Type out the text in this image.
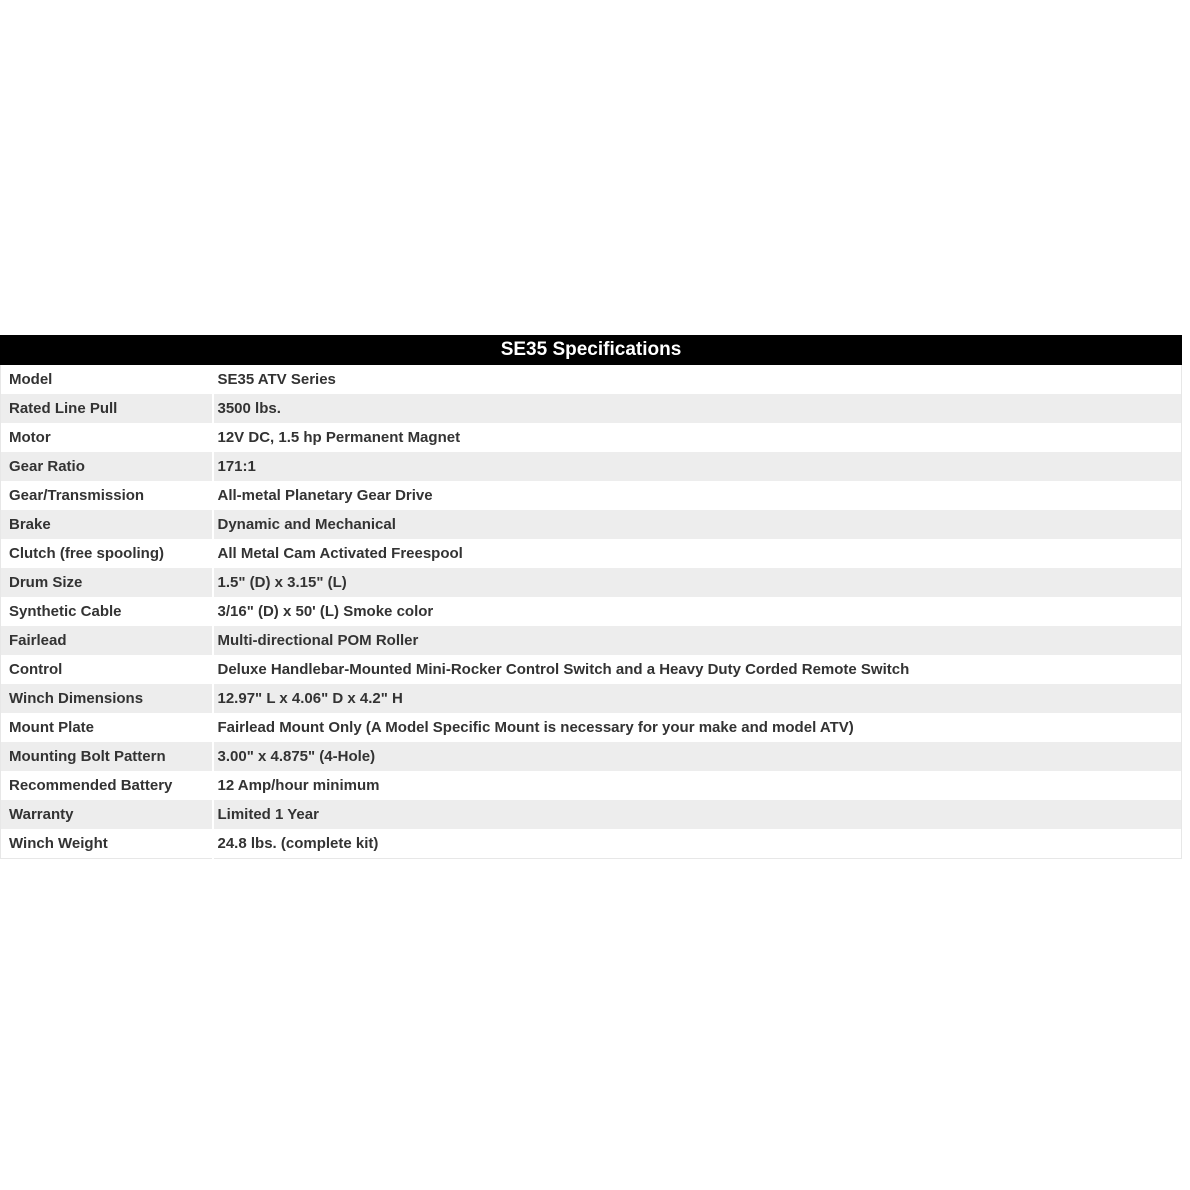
SE35 Specifications
Model	SE35 ATV Series
Rated Line Pull	3500 lbs.
Motor	12V DC, 1.5 hp Permanent Magnet
Gear Ratio	171:1
Gear/Transmission	All-metal Planetary Gear Drive
Brake	Dynamic and Mechanical
Clutch (free spooling)	All Metal Cam Activated Freespool
Drum Size	1.5" (D) x 3.15" (L)
Synthetic Cable	3/16" (D) x 50' (L) Smoke color
Fairlead	Multi-directional POM Roller
Control	Deluxe Handlebar-Mounted Mini-Rocker Control Switch and a Heavy Duty Corded Remote Switch
Winch Dimensions	12.97" L x 4.06" D x 4.2" H
Mount Plate	Fairlead Mount Only (A Model Specific Mount is necessary for your make and model ATV)
Mounting Bolt Pattern	3.00" x 4.875" (4-Hole)
Recommended Battery	12 Amp/hour minimum
Warranty	Limited 1 Year
Winch Weight	24.8 lbs. (complete kit)
